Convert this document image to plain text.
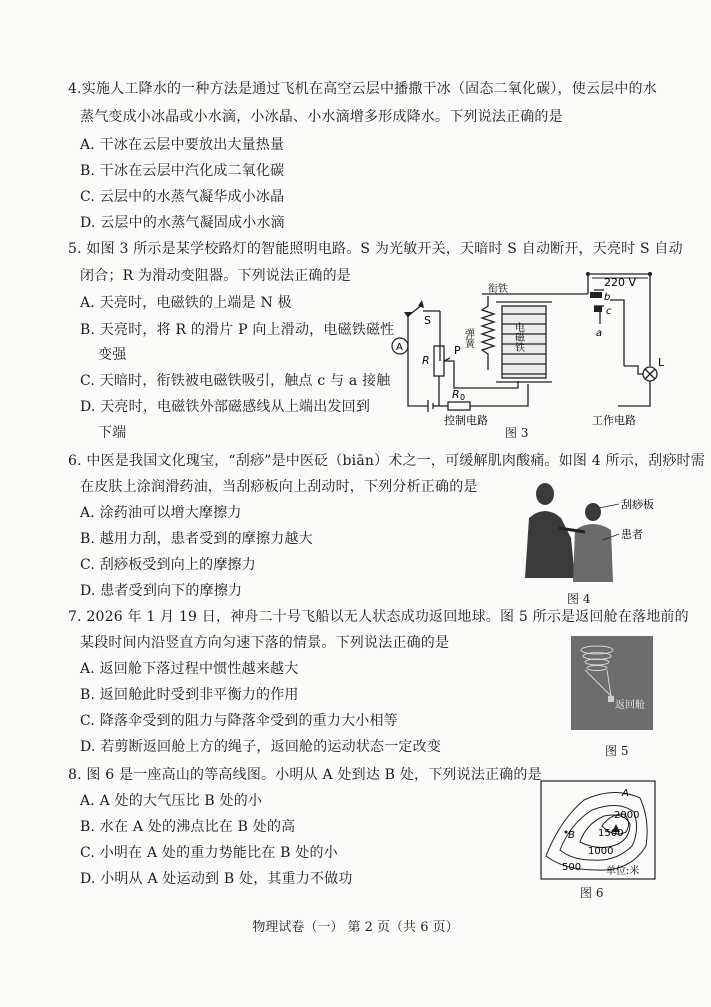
4.实施人工降水的一种方法是通过飞机在高空云层中播撒干冰（固态二氧化碳），使云层中的水
蒸气变成小冰晶或小水滴，小冰晶、小水滴增多形成降水。下列说法正确的是
A. 干冰在云层中要放出大量热量
B. 干冰在云层中汽化成二氧化碳
C. 云层中的水蒸气凝华成小冰晶
D. 云层中的水蒸气凝固成小水滴
5. 如图 3 所示是某学校路灯的智能照明电路。S 为光敏开关，天暗时 S 自动断开，天亮时 S 自动
闭合；R 为滑动变阻器。下列说法正确的是
A. 天亮时，电磁铁的上端是 N 极
B. 天亮时，将 R 的滑片 P 向上滑动，电磁铁磁性
变强
C. 天暗时，衔铁被电磁铁吸引，触点 c 与 a 接触
D. 天亮时，电磁铁外部磁感线从上端出发回到
下端
A
S
R
P
R 0
衔铁
弹簧	电磁铁
220 V
b
c
a
L
控制电路	工作电路
图 3
6. 中医是我国文化瑰宝，“刮痧”是中医砭（biān）术之一，可缓解肌肉酸痛。如图 4 所示，刮痧时需
在皮肤上涂润滑药油，当刮痧板向上刮动时，下列分析正确的是
A. 涂药油可以增大摩擦力
B. 越用力刮，患者受到的摩擦力越大
C. 刮痧板受到向上的摩擦力
D. 患者受到向下的摩擦力
刮痧板
患者
图 4
7. 2026 年 1 月 19 日，神舟二十号飞船以无人状态成功返回地球。图 5 所示是返回舱在落地前的
某段时间内沿竖直方向匀速下落的情景。下列说法正确的是
A. 返回舱下落过程中惯性越来越大
B. 返回舱此时受到非平衡力的作用
C. 降落伞受到的阻力与降落伞受到的重力大小相等
D. 若剪断返回舱上方的绳子，返回舱的运动状态一定改变
返回舱
图 5
8. 图 6 是一座高山的等高线图。小明从 A 处到达 B 处，下列说法正确的是
A. A 处的大气压比 B 处的小
B. 水在 A 处的沸点比在 B 处的高
C. 小明在 A 处的重力势能比在 B 处的小
D. 小明从 A 处运动到 B 处，其重力不做功
A
B
2000
1500
1000
500 单位:米
图 6
物理试卷（一） 第 2 页（共 6 页）
